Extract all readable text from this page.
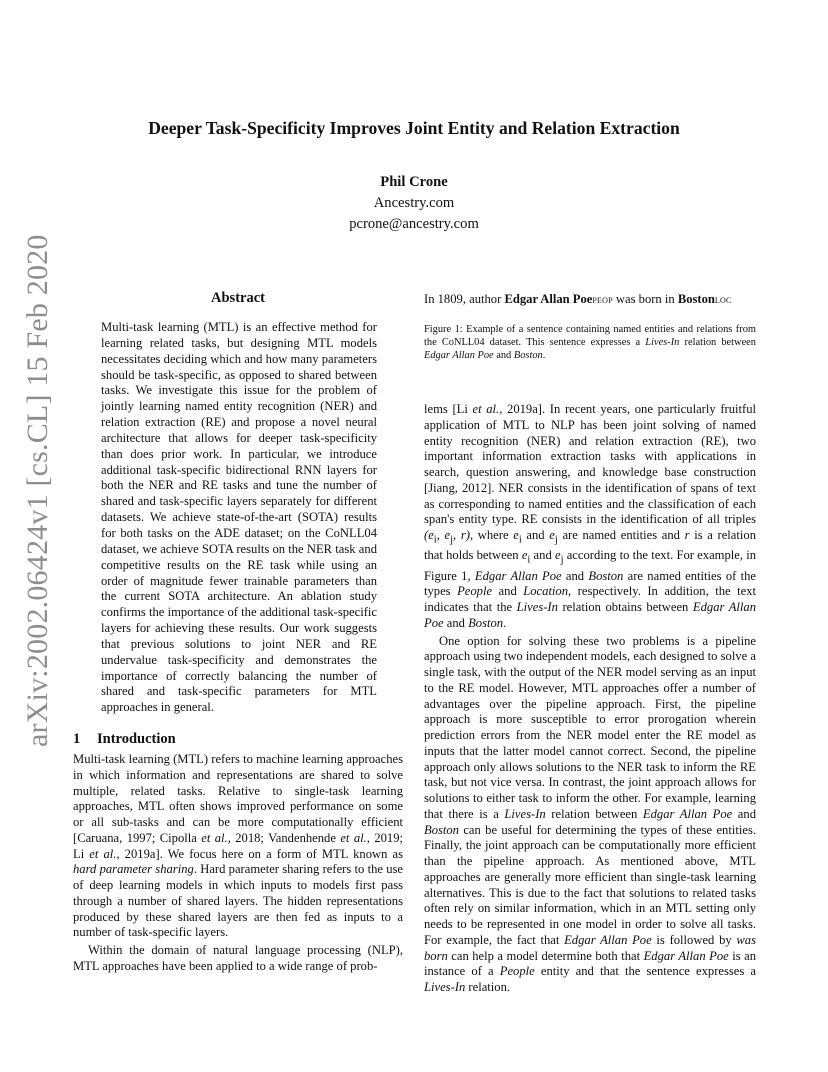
arXiv:2002.06424v1 [cs.CL] 15 Feb 2020
Deeper Task-Specificity Improves Joint Entity and Relation Extraction
Phil Crone
Ancestry.com
pcrone@ancestry.com
Abstract

Multi-task learning (MTL) is an effective method for learning related tasks, but designing MTL models necessitates deciding which and how many parameters should be task-specific, as opposed to shared between tasks. We investigate this issue for the problem of jointly learning named entity recognition (NER) and relation extraction (RE) and propose a novel neural architecture that allows for deeper task-specificity than does prior work. In particular, we introduce additional task-specific bidirectional RNN layers for both the NER and RE tasks and tune the number of shared and task-specific layers separately for different datasets. We achieve state-of-the-art (SOTA) results for both tasks on the ADE dataset; on the CoNLL04 dataset, we achieve SOTA results on the NER task and competitive results on the RE task while using an order of magnitude fewer trainable parameters than the current SOTA architecture. An ablation study confirms the importance of the additional task-specific layers for achieving these results. Our work suggests that previous solutions to joint NER and RE undervalue task-specificity and demonstrates the importance of correctly balancing the number of shared and task-specific parameters for MTL approaches in general.

1 Introduction

Multi-task learning (MTL) refers to machine learning approaches in which information and representations are shared to solve multiple, related tasks. Relative to single-task learning approaches, MTL often shows improved performance on some or all sub-tasks and can be more computationally efficient [Caruana, 1997; Cipolla et al., 2018; Vandenhende et al., 2019; Li et al., 2019a]. We focus here on a form of MTL known as hard parameter sharing. Hard parameter sharing refers to the use of deep learning models in which inputs to models first pass through a number of shared layers. The hidden representations produced by these shared layers are then fed as inputs to a number of task-specific layers.

Within the domain of natural language processing (NLP), MTL approaches have been applied to a wide range of prob-

In 1809, author Edgar Allan PoePEOP was born in BostonLOC

Figure 1: Example of a sentence containing named entities and relations from the CoNLL04 dataset. This sentence expresses a Lives-In relation between Edgar Allan Poe and Boston.

lems [Li et al., 2019a]. In recent years, one particularly fruitful application of MTL to NLP has been joint solving of named entity recognition (NER) and relation extraction (RE), two important information extraction tasks with applications in search, question answering, and knowledge base construction [Jiang, 2012]. NER consists in the identification of spans of text as corresponding to named entities and the classification of each span's entity type. RE consists in the identification of all triples ($e_i$, $e_j$, r), where $e_i$ and $e_j$ are named entities and r is a relation that holds between $e_i$ and $e_j$ according to the text. For example, in Figure 1, Edgar Allan Poe and Boston are named entities of the types People and Location, respectively. In addition, the text indicates that the Lives-In relation obtains between Edgar Allan Poe and Boston.

One option for solving these two problems is a pipeline approach using two independent models, each designed to solve a single task, with the output of the NER model serving as an input to the RE model. However, MTL approaches offer a number of advantages over the pipeline approach. First, the pipeline approach is more susceptible to error prorogation wherein prediction errors from the NER model enter the RE model as inputs that the latter model cannot correct. Second, the pipeline approach only allows solutions to the NER task to inform the RE task, but not vice versa. In contrast, the joint approach allows for solutions to either task to inform the other. For example, learning that there is a Lives-In relation between Edgar Allan Poe and Boston can be useful for determining the types of these entities. Finally, the joint approach can be computationally more efficient than the pipeline approach. As mentioned above, MTL approaches are generally more efficient than single-task learning alternatives. This is due to the fact that solutions to related tasks often rely on similar information, which in an MTL setting only needs to be represented in one model in order to solve all tasks. For example, the fact that Edgar Allan Poe is followed by was born can help a model determine both that Edgar Allan Poe is an instance of a People entity and that the sentence expresses a Lives-In relation.
